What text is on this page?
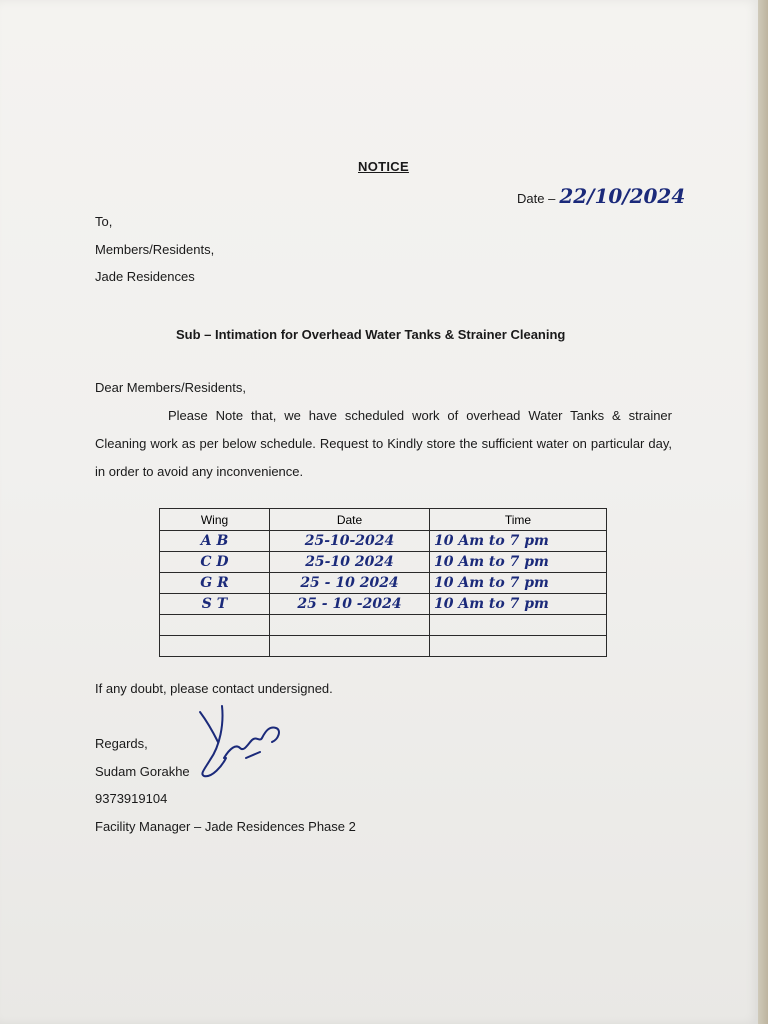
NOTICE
Date – 22/10/2024
To,
Members/Residents,
Jade Residences
Sub – Intimation for Overhead Water Tanks & Strainer Cleaning
Dear Members/Residents,
Please Note that, we have scheduled work of overhead Water Tanks & strainer Cleaning work as per below schedule. Request to Kindly store the sufficient water on particular day, in order to avoid any inconvenience.
Wing	Date	Time
A B	25-10-2024	10 Am to 7 pm
C D	25-10 2024	10 Am to 7 pm
G R	25 - 10 2024	10 Am to 7 pm
S T	25 - 10 -2024	10 Am to 7 pm

If any doubt, please contact undersigned.
Regards,
Sudam Gorakhe
9373919104
Facility Manager – Jade Residences Phase 2
